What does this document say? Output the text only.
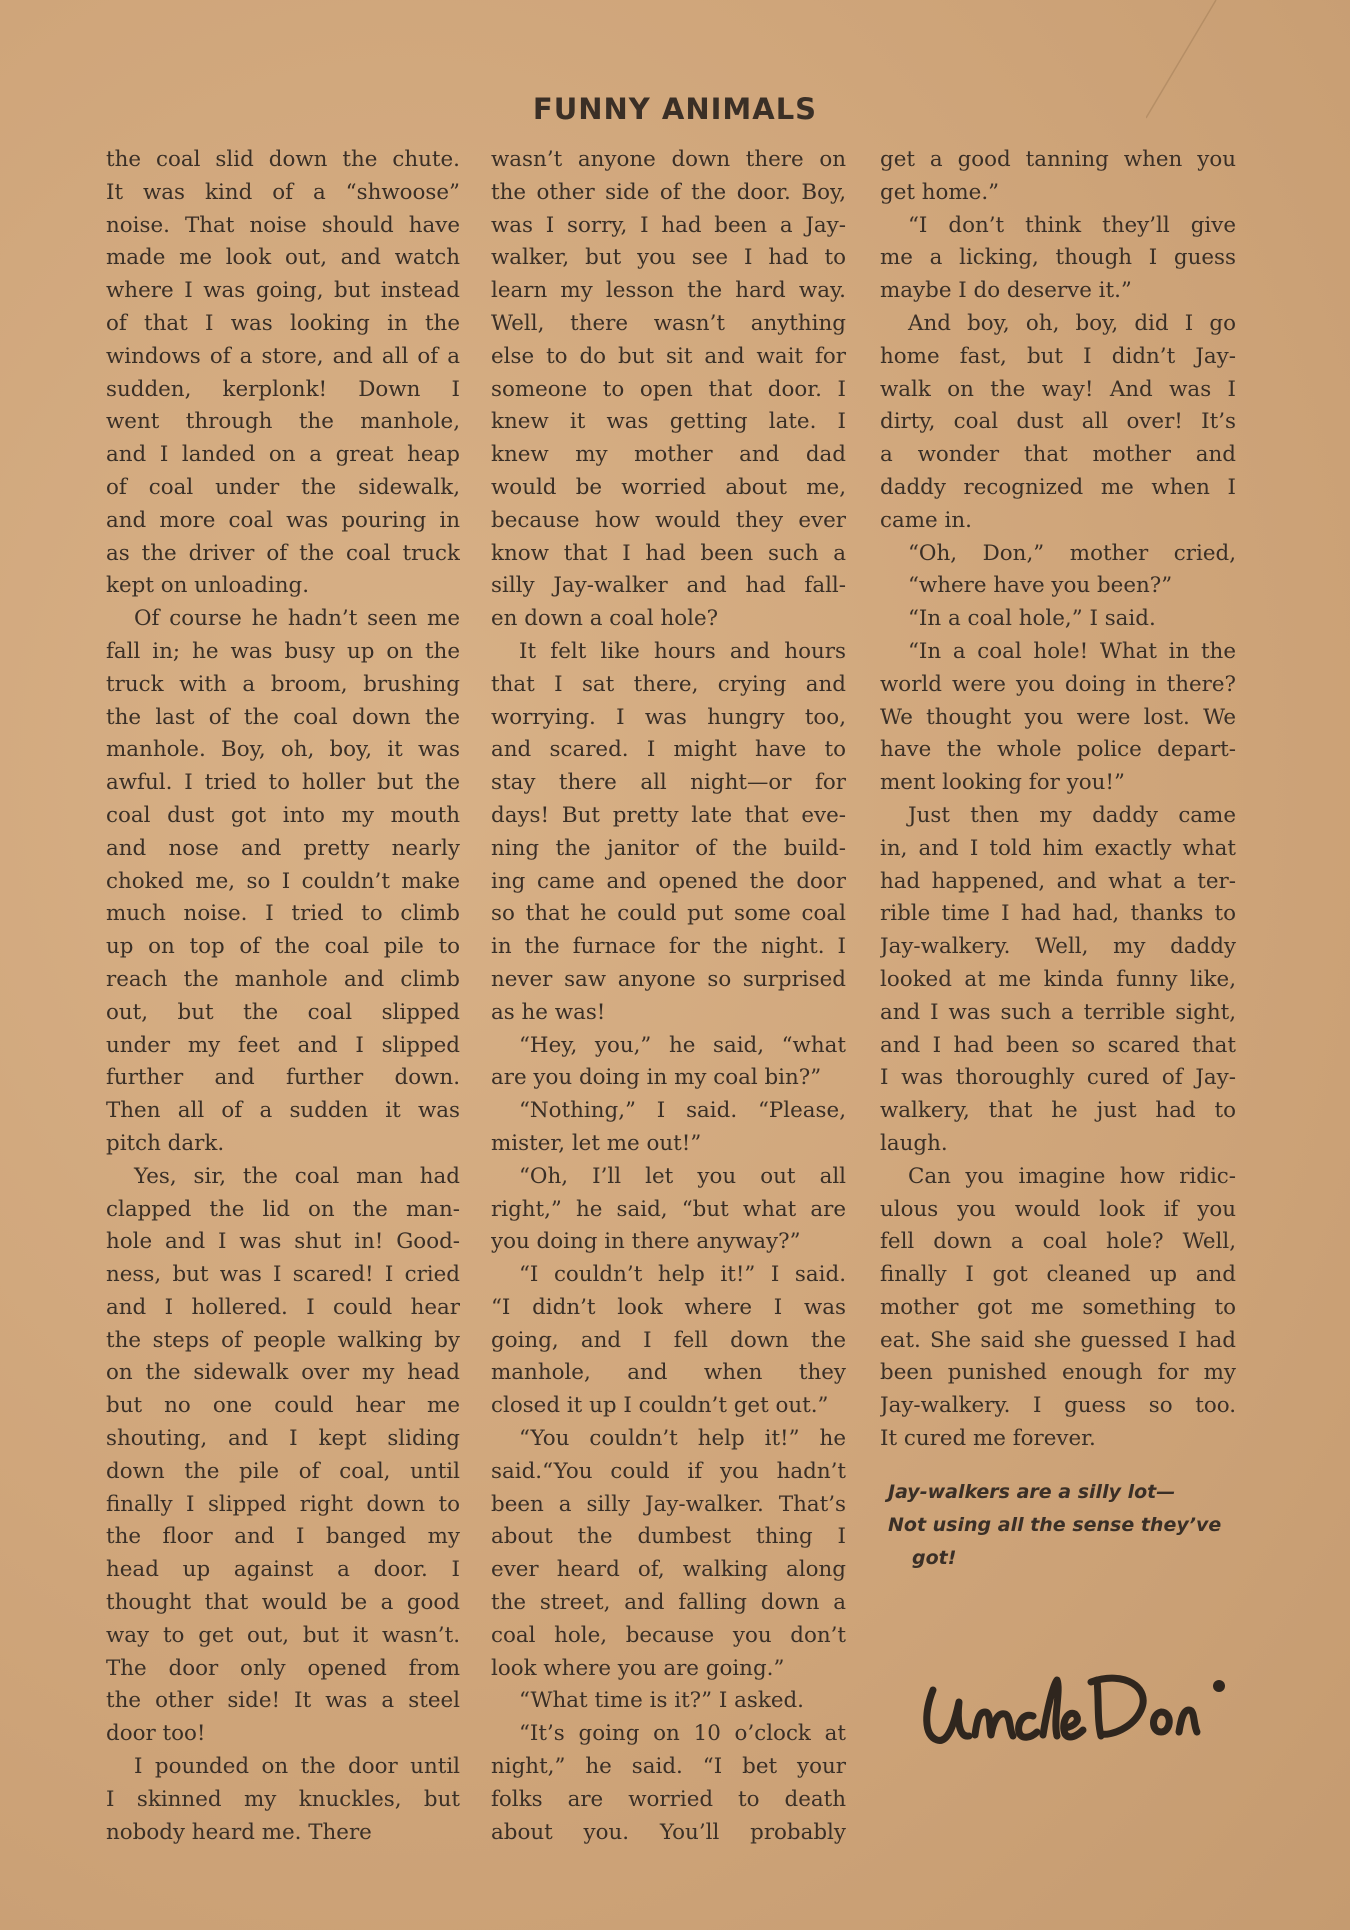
FUNNY ANIMALS
the coal slid down the chute.
It was kind of a “shwoose”
noise. That noise should have
made me look out, and watch
where I was going, but instead
of that I was looking in the
windows of a store, and all of a
sudden, kerplonk! Down I
went through the manhole,
and I landed on a great heap
of coal under the sidewalk,
and more coal was pouring in
as the driver of the coal truck
kept on unloading.
Of course he hadn’t seen me
fall in; he was busy up on the
truck with a broom, brushing
the last of the coal down the
manhole. Boy, oh, boy, it was
awful. I tried to holler but the
coal dust got into my mouth
and nose and pretty nearly
choked me, so I couldn’t make
much noise. I tried to climb
up on top of the coal pile to
reach the manhole and climb
out, but the coal slipped
under my feet and I slipped
further and further down.
Then all of a sudden it was
pitch dark.
Yes, sir, the coal man had
clapped the lid on the man-
hole and I was shut in! Good-
ness, but was I scared! I cried
and I hollered. I could hear
the steps of people walking by
on the sidewalk over my head
but no one could hear me
shouting, and I kept sliding
down the pile of coal, until
finally I slipped right down to
the floor and I banged my
head up against a door. I
thought that would be a good
way to get out, but it wasn’t.
The door only opened from
the other side! It was a steel
door too!
I pounded on the door until
I skinned my knuckles, but
nobody heard me. There
wasn’t anyone down there on
the other side of the door. Boy,
was I sorry, I had been a Jay-
walker, but you see I had to
learn my lesson the hard way.
Well, there wasn’t anything
else to do but sit and wait for
someone to open that door. I
knew it was getting late. I
knew my mother and dad
would be worried about me,
because how would they ever
know that I had been such a
silly Jay-walker and had fall-
en down a coal hole?
It felt like hours and hours
that I sat there, crying and
worrying. I was hungry too,
and scared. I might have to
stay there all night—or for
days! But pretty late that eve-
ning the janitor of the build-
ing came and opened the door
so that he could put some coal
in the furnace for the night. I
never saw anyone so surprised
as he was!
“Hey, you,” he said, “what
are you doing in my coal bin?”
“Nothing,” I said. “Please,
mister, let me out!”
“Oh, I’ll let you out all
right,” he said, “but what are
you doing in there anyway?”
“I couldn’t help it!” I said.
“I didn’t look where I was
going, and I fell down the
manhole, and when they
closed it up I couldn’t get out.”
“You couldn’t help it!” he
said.“You could if you hadn’t
been a silly Jay-walker. That’s
about the dumbest thing I
ever heard of, walking along
the street, and falling down a
coal hole, because you don’t
look where you are going.”
“What time is it?” I asked.
“It’s going on 10 o’clock at
night,” he said. “I bet your
folks are worried to death
about you. You’ll probably
get a good tanning when you
get home.”
“I don’t think they’ll give
me a licking, though I guess
maybe I do deserve it.”
And boy, oh, boy, did I go
home fast, but I didn’t Jay-
walk on the way! And was I
dirty, coal dust all over! It’s
a wonder that mother and
daddy recognized me when I
came in.
“Oh, Don,” mother cried,
“where have you been?”
“In a coal hole,” I said.
“In a coal hole! What in the
world were you doing in there?
We thought you were lost. We
have the whole police depart-
ment looking for you!”
Just then my daddy came
in, and I told him exactly what
had happened, and what a ter-
rible time I had had, thanks to
Jay-walkery. Well, my daddy
looked at me kinda funny like,
and I was such a terrible sight,
and I had been so scared that
I was thoroughly cured of Jay-
walkery, that he just had to
laugh.
Can you imagine how ridic-
ulous you would look if you
fell down a coal hole? Well,
finally I got cleaned up and
mother got me something to
eat. She said she guessed I had
been punished enough for my
Jay-walkery. I guess so too.
It cured me forever.
Jay-walkers are a silly lot—
Not using all the sense they’ve
got!
